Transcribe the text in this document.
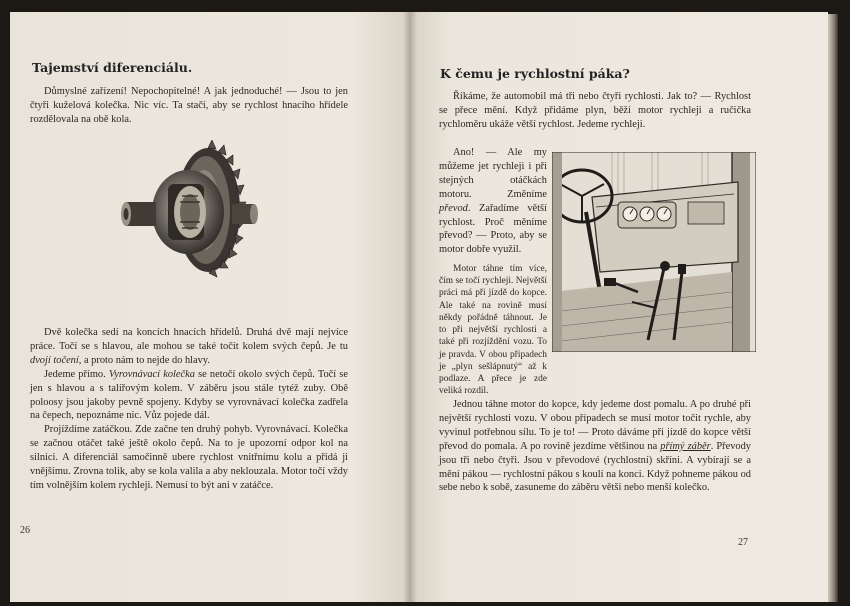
Tajemství diferenciálu.

Důmyslné zařízení! Nepochopitelné! A jak jednoduché! — Jsou to jen čtyři kuželová kolečka. Nic víc. Ta stačí, aby se rychlost hnacího hřídele rozdělovala na obě kola.

Dvě kolečka sedí na koncích hnacích hřídelů. Druhá dvě mají nejvíce práce. Točí se s hlavou, ale mohou se také točit kolem svých čepů. Je tu dvojí točení, a proto nám to nejde do hlavy.

Jedeme přímo. Vyrovnávací kolečka se netočí okolo svých čepů. Točí se jen s hlavou a s talířovým kolem. V záběru jsou stále tytéž zuby. Obě poloosy jsou jakoby pevně spojeny. Kdyby se vyrovnávací kolečka zadřela na čepech, nepoznáme nic. Vůz pojede dál.

Projíždíme zatáčkou. Zde začne ten druhý pohyb. Vyrovnávací. Kolečka se začnou otáčet také ještě okolo čepů. Na to je upozorní odpor kol na silnici. A diferenciál samočinně ubere rychlost vnitřnímu kolu a přidá ji vnějšímu. Zrovna tolik, aby se kola valila a aby neklouzala. Motor točí vždy tím volnějším kolem rychleji. Nemusí to být ani v zatáčce.

26
K čemu je rychlostní páka?

Říkáme, že automobil má tři nebo čtyři rychlosti. Jak to? — Rychlost se přece mění. Když přidáme plyn, běží motor rychleji a ručička rychloměru ukáže větší rychlost. Jedeme rychleji.

Ano! — Ale my můžeme jet rychleji i při stejných otáčkách motoru. Změníme převod. Zařadíme větší rychlost. Proč měníme převod? — Proto, aby se motor dobře využil.

Motor táhne tím více, čím se točí rychleji. Největší práci má při jízdě do kopce. Ale také na rovině musí někdy pořádně táhnout. Je to při největší rychlosti a také při rozjíždění vozu. To je pravda. V obou případech je „plyn sešlápnutý“ až k podlaze. A přece je zde veliká rozdíl.

Jednou táhne motor do kopce, kdy jedeme dost pomalu. A po druhé při největší rychlosti vozu. V obou případech se musí motor točit rychle, aby vyvinul potřebnou sílu. To je to! — Proto dáváme při jízdě do kopce větší převod do pomala. A po rovině jezdíme většinou na přímý záběr. Převody jsou tři nebo čtyři. Jsou v převodové (rychlostní) skříni. A vybírají se a mění pákou — rychlostní pákou s koulí na konci. Když pohneme pákou od sebe nebo k sobě, zasuneme do záběru větší nebo menší kolečko.

27
